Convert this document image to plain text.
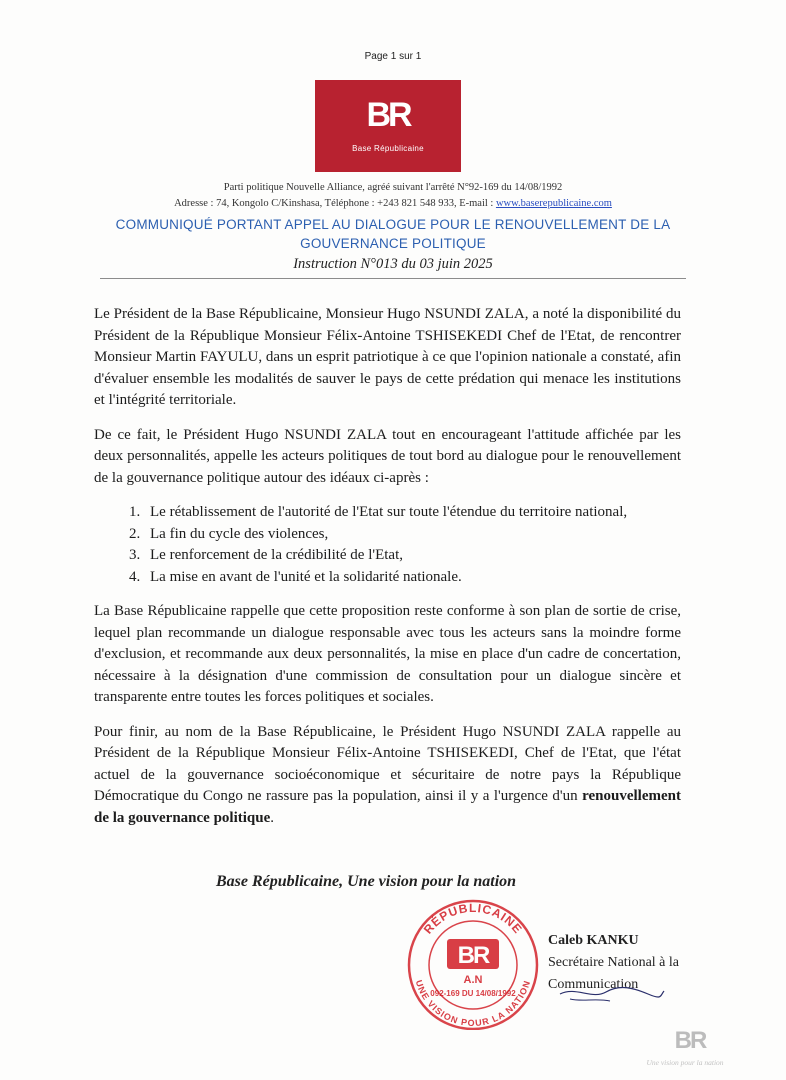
Page 1 sur 1
BR
Base Républicaine
Parti politique Nouvelle Alliance, agréé suivant l'arrêté N°92-169 du 14/08/1992
Adresse : 74, Kongolo C/Kinshasa, Téléphone : +243 821 548 933, E-mail : www.baserepublicaine.com
COMMUNIQUÉ PORTANT APPEL AU DIALOGUE POUR LE RENOUVELLEMENT DE LA GOUVERNANCE POLITIQUE
Instruction N°013 du 03 juin 2025

Le Président de la Base Républicaine, Monsieur Hugo NSUNDI ZALA, a noté la disponibilité du Président de la République Monsieur Félix-Antoine TSHISEKEDI Chef de l'Etat, de rencontrer Monsieur Martin FAYULU, dans un esprit patriotique à ce que l'opinion nationale a constaté, afin d'évaluer ensemble les modalités de sauver le pays de cette prédation qui menace les institutions et l'intégrité territoriale.

De ce fait, le Président Hugo NSUNDI ZALA tout en encourageant l'attitude affichée par les deux personnalités, appelle les acteurs politiques de tout bord au dialogue pour le renouvellement de la gouvernance politique autour des idéaux ci-après :

1. Le rétablissement de l'autorité de l'Etat sur toute l'étendue du territoire national,
2. La fin du cycle des violences,
3. Le renforcement de la crédibilité de l'Etat,
4. La mise en avant de l'unité et la solidarité nationale.

La Base Républicaine rappelle que cette proposition reste conforme à son plan de sortie de crise, lequel plan recommande un dialogue responsable avec tous les acteurs sans la moindre forme d'exclusion, et recommande aux deux personnalités, la mise en place d'un cadre de concertation, nécessaire à la désignation d'une commission de consultation pour un dialogue sincère et transparente entre toutes les forces politiques et sociales.

Pour finir, au nom de la Base Républicaine, le Président Hugo NSUNDI ZALA rappelle au Président de la République Monsieur Félix-Antoine TSHISEKEDI, Chef de l'Etat, que l'état actuel de la gouvernance socioéconomique et sécuritaire de notre pays la République Démocratique du Congo ne rassure pas la population, ainsi il y a l'urgence d'un renouvellement de la gouvernance politique.

Base Républicaine, Une vision pour la nation
RÉPUBLICAINE
UNE VISION POUR LA NATION
BR
A.N
092-169 DU 14/08/1992
Caleb KANKU
Secrétaire National à la
Communication
BR
Une vision pour la nation
